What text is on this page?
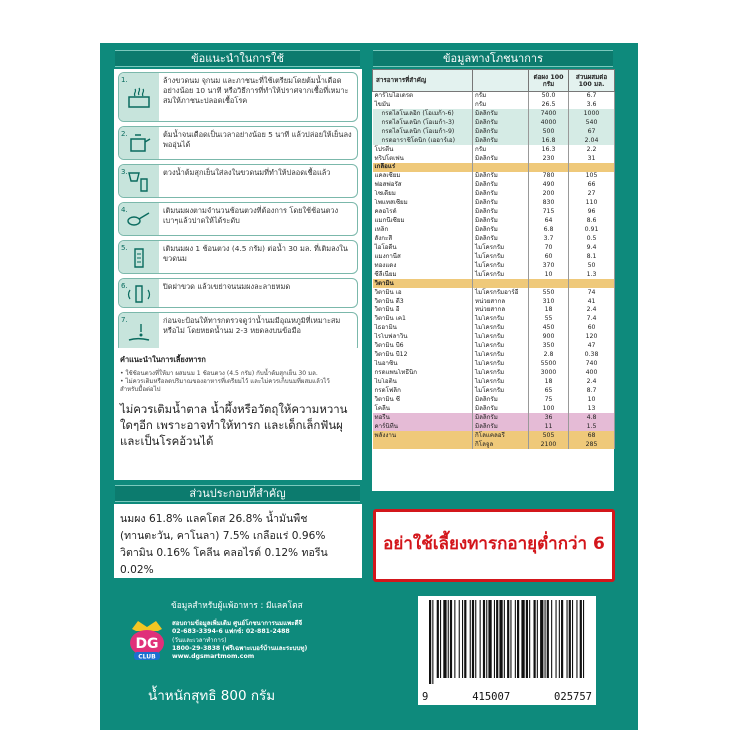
ข้อแนะนำในการใช้
1.	ล้างขวดนม จุกนม และภาชนะที่ใช้เตรียมโดยต้มน้ำเดือดอย่างน้อย 10 นาที หรือวิธีการที่ทำให้ปราศจากเชื้อที่เหมาะสมให้ภาชนะปลอดเชื้อโรค
2.	ต้มน้ำจนเดือดเป็นเวลาอย่างน้อย 5 นาที แล้วปล่อยให้เย็นลงพออุ่นได้
3.	ตวงน้ำต้มสุกเย็นใส่ลงในขวดนมที่ทำให้ปลอดเชื้อแล้ว
4.	เติมนมผงตามจำนวนช้อนตวงที่ต้องการ โดยใช้ช้อนตวงเบาๆแล้วปาดให้ได้ระดับ
5.	เติมนมผง 1 ช้อนตวง (4.5 กรัม) ต่อน้ำ 30 มล. ที่เติมลงในขวดนม
6.	ปิดฝาขวด แล้วเขย่าจนนมผงละลายหมด
7.	ก่อนจะป้อนให้ทารกตรวจดูว่าน้ำนมมีอุณหภูมิที่เหมาะสมหรือไม่ โดยหยดน้ำนม 2-3 หยดลงบนข้อมือ
คำแนะนำในการเลี้ยงทารก
• ใช้ช้อนตวงที่ให้มา ผสมนม 1 ช้อนตวง (4.5 กรัม) กับน้ำต้มสุกเย็น 30 มล.
• ไม่ควรเติมหรือลดปริมาณของอาหารที่เตรียมไว้ และไม่ควรเก็บนมที่ผสมแล้วไว้
สำหรับมื้อต่อไป
ไม่ควรเติมน้ำตาล น้ำผึ้งหรือวัตถุให้ความหวานใดๆอีก เพราะอาจทำให้ทารก และเด็กเล็กฟันผุ และเป็นโรคอ้วนได้
ส่วนประกอบที่สำคัญ
นมผง 61.8% แลคโตส 26.8% น้ำมันพืช (ทานตะวัน, คาโนลา) 7.5% เกลือแร่ 0.96% วิตามิน 0.16% โคลีน คลอไรด์ 0.12% ทอรีน 0.02%
ข้อมูลสำหรับผู้แพ้อาหาร : มีแลคโตส
DG
CLUB
สอบถามข้อมูลเพิ่มเติม ศูนย์โภชนาการนมแพะดีจี
02-683-3394-6 แฟกซ์: 02-881-2488
(วันและเวลาทำการ)
1800-29-3838 (ฟรีเฉพาะเบอร์บ้านและระบบทู)
www.dgsmartmom.com
น้ำหนักสุทธิ 800 กรัม
ข้อมูลทางโภชนาการ
สารอาหารที่สำคัญ		ต่อผง 100 กรัม	ส่วนผสมต่อ 100 มล.
คาร์โบไฮเดรต	กรัม	50.0	6.7
ไขมัน	กรัม	26.5	3.6
กรดไลโนเลอิก (โอเมก้า-6)	มิลลิกรัม	7400	1000
กรดไลโนเลนิก (โอเมก้า-3)	มิลลิกรัม	4000	540
กรดไลโนเลนิก (โอเมก้า-9)	มิลลิกรัม	500	67
กรดอาราชิโดนิก (เออาร์เอ)	มิลลิกรัม	16.8	2.04
โปรตีน	กรัม	16.3	2.2
ทริปโตเฟน	มิลลิกรัม	230	31
เกลือแร่			
แคลเซียม	มิลลิกรัม	780	105
ฟอสฟอรัส	มิลลิกรัม	490	66
โซเดียม	มิลลิกรัม	200	27
โพแทสเซียม	มิลลิกรัม	830	110
คลอไรด์	มิลลิกรัม	715	96
แมกนีเซียม	มิลลิกรัม	64	8.6
เหล็ก	มิลลิกรัม	6.8	0.91
สังกะสี	มิลลิกรัม	3.7	0.5
ไอโอดีน	ไมโครกรัม	70	9.4
แมงกานีส	ไมโครกรัม	60	8.1
ทองแดง	ไมโครกรัม	370	50
ซีลีเนียม	ไมโครกรัม	10	1.3
วิตามิน			
วิตามิน เอ	ไมโครกรัมอาร์อี	550	74
วิตามิน ดี3	หน่วยสากล	310	41
วิตามิน อี	หน่วยสากล	18	2.4
วิตามิน เค1	ไมโครกรัม	55	7.4
ไธอามิน	ไมโครกรัม	450	60
ไรโบฟลาวิน	ไมโครกรัม	900	120
วิตามิน บี6	ไมโครกรัม	350	47
วิตามิน บี12	ไมโครกรัม	2.8	0.38
ไนอาซิน	ไมโครกรัม	5500	740
กรดแพนโทธีนิก	ไมโครกรัม	3000	400
ไบโอติน	ไมโครกรัม	18	2.4
กรดโฟลิก	ไมโครกรัม	65	8.7
วิตามิน ซี	มิลลิกรัม	75	10
โคลีน	มิลลิกรัม	100	13
ทอรีน	มิลลิกรัม	36	4.8
คาร์นิทีน	มิลลิกรัม	11	1.5
พลังงาน	กิโลแคลอรี	505	68
	กิโลจูล	2100	285
อย่าใช้เลี้ยงทารกอายุต่ำกว่า 6
9	415007	025757
